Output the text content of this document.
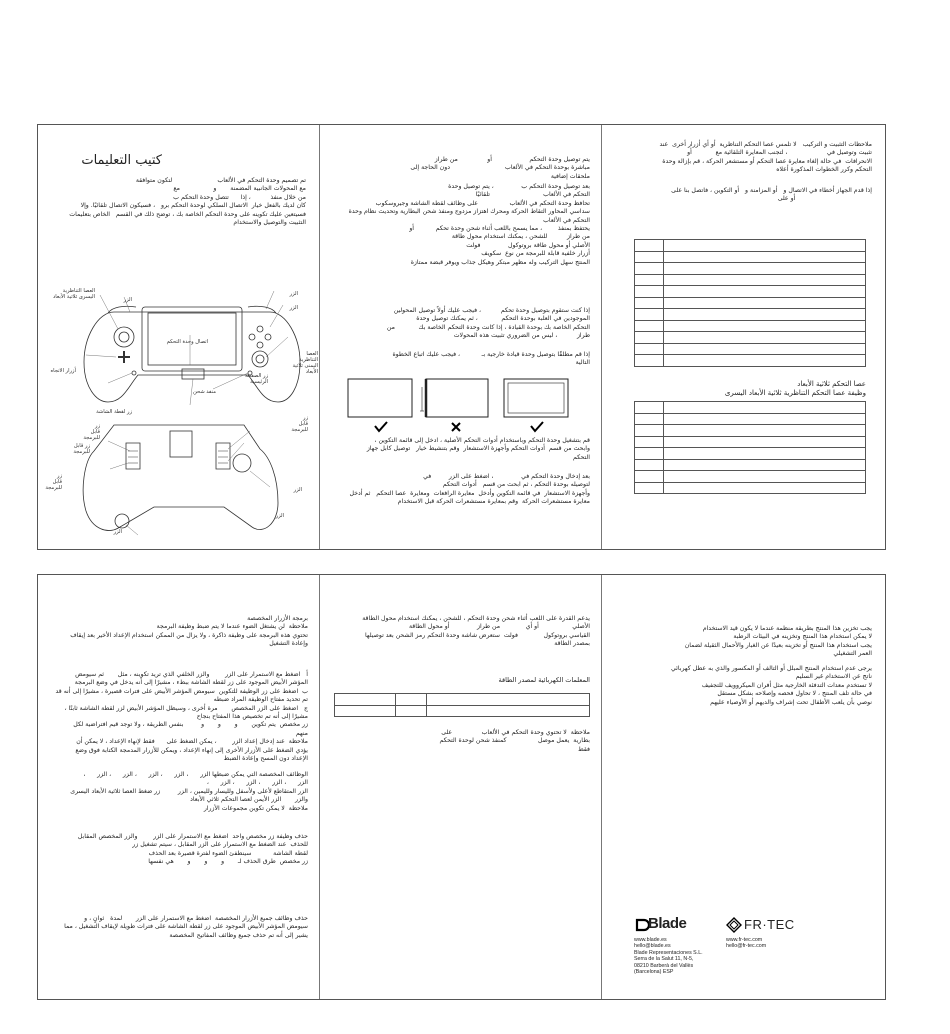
كتيب التعليمات
تم تصميم وحدة التحكم في الألعاب                       لتكون متوافقة
مع المحولات الجانبية المضمنة       و                 مع
من خلال منفذ          ، إذا      تتصل وحدة التحكم ب
كان لديك بالفعل خيار  الاتصال السلكي لوحدة التحكم برو   ، فسيكون الاتصال تلقائيًا. وإلا
فسيتعين عليك تكوينه على وحدة التحكم الخاصة بك ، توضح ذلك في القسم   الخاص بتعليمات
التثبيت والتوصيل والاستخدام
العصا التناظرية
اليسرى ثلاثية الأبعاد	الزر
الزر
الزر
أزرار الاتجاه
زر لقطة الشاشة
اتصال وحدة التحكم
منفذ شحن
زر الصفحة
الرئيسية
العصا التناظرية
اليمنى ثلاثية
الأبعاد
زر
قابل
للبرمجة
زر قابل
للبرمجة
زر
قابل
للبرمجة
زر
قابل
للبرمجة
الزر
الزر
الزر
يتم توصيل وحدة التحكم                   أو               من طراز
مباشرة بوحدة التحكم في الألعاب                            دون الحاجة إلى
ملحقات إضافية
بعد توصيل وحدة التحكم ب              ، يتم توصيل وحدة
التحكم في الألعاب                           تلقائيًا
تحافظ وحدة التحكم في الألعاب                على وظائف لقطة الشاشة وجيروسكوب
سداسي المحاور التقاط الحركة ومحرك اهتزاز مزدوج ومنفذ شحن البطارية وتحديث نظام وحدة
التحكم في الألعاب
يحتفظ بمنفذ        ، مما يسمح باللعب أثناء شحن وحدة تحكم           أو
من طراز          للشحن ، يمكنك استخدام محول طاقة
الأصلي أو محول طاقة بروتوكول              فولت
أزرار خلفية قابلة للبرمجة من نوع  سكويف
المنتج سهل التركيب وله مظهر مبتكر وهيكل جذاب ويوفر قبضة ممتازة
إذا كنت ستقوم بتوصيل وحدة تحكم          ، فيجب عليك أولاً توصيل المحولين
الموجودين في العلبة بوحدة التحكم            ، ثم يمكنك توصيل وحدة
التحكم الخاصة بك بوحدة القيادة ، إذا كانت وحدة التحكم الخاصة بك            من
طراز          ، ليس من الضروري تثبيت هذه المحولات
إذا قم مطلقًا بتوصيل وحدة قيادة خارجية بـ           ، فيجب عليك اتباع الخطوة
التالية
قم بتشغيل وحدة التحكم وباستخدام أدوات التحكم الأصلية ، ادخل إلى قائمة التكوين ،
وابحث من قسم  أدوات التحكم وأجهزة الاستشعار  وقم بتنشيط خيار   توصيل كابل جهاز
التحكم
بعد إدخال وحدة التحكم في              ، اضغط على الزر         في
لتوصيله بوحدة التحكم ، ثم ابحث من قسم   أدوات التحكم
وأجهزة الاستشعار  في قائمة التكوين وأدخل  معايرة الرافعات  ومعايرة  عصا التحكم   ثم أدخل
معايرة مستشعرات الحركة  وقم بمعايرة مستشعرات الحركة قبل الاستخدام
ملاحظات التثبيت و التركيب   لا تلمس عصا التحكم التناظرية  أو أي أزرار أخرى  عند
تثبيت وتوصيل في                    ، لتجنب المعايرة التلقائية مع            أو
الانحرافات  في حالة إلغاء معايرة عصا التحكم أو مستشعر الحركة ، قم بإزالة وحدة
التحكم وكرر الخطوات المذكورة أعلاه
إذا قدم الجهاز أخطاء في الاتصال و   أو المزامنة و   أو التكوين ، فاتصل بنا على
أو على

عصا التحكم ثلاثية الأبعاد
وظيفة عصا التحكم التناظرية ثلاثية الأبعاد اليسرى

برمجة الأزرار المخصصة
ملاحظة  لن يشتغل الضوء عندما لا يتم ضبط وظيفة البرمجة
تحتوي هذه البرمجة على وظيفة ذاكرة ، ولا يزال من الممكن استخدام الإعداد الأخير بعد إيقاف
وإعادة التشغيل
أ   اضغط مع الاستمرار على الزر        والزر الخلفي الذي تريد تكوينه ، مثل       ثم سيومض
المؤشر الأبيض الموجود على زر لقطة الشاشة ببطء ، مشيرًا إلى أنه يدخل في وضع البرمجة
ب  اضغط على زر الوظيفة للتكوين  سيومض المؤشر الأبيض على فترات قصيرة ، مشيرًا إلى أنه قد
تم تحديد مفتاح الوظيفة المراد ضبطه
ج   اضغط على الزر المخصص       مرة أخرى ، وسيظل المؤشر الأبيض لزر لقطة الشاشة ثابتًا ،
مشيرًا إلى أنه تم تخصيص هذا المفتاح بنجاح
زر مخصص  يتم تكوين       و       و       و         بنفس الطريقة ، ولا توجد قيم افتراضية لكل
منهم
ملاحظة  عند إدخال إعداد الزر        ، يمكن الضغط على      فقط لإنهاء الإعداد ، لا يمكن أن
يؤدي الضغط على الأزرار الأخرى إلى إنهاء الإعداد ، ويمكن للأزرار المدمجة الكتابة فوق وضع
الإعداد دون المسح وإعادة الضبط
الوظائف المخصصة التي يمكن ضبطها الزر      ، الزر      ، الزر      ، الزر      ، الزر      ،
الزر      ، الزر      ، الزر      ، الزر      ،
الزر المتقاطع لأعلى ولأسفل ولليسار ولليمين ، الزر         زر ضغط العصا ثلاثية الأبعاد اليسرى
والزر       الزر الأيمن لعصا التحكم ثلاثي الأبعاد
ملاحظة  لا يمكن تكوين مجموعات الأزرار
حذف وظيفة زر مخصص واحد  اضغط مع الاستمرار على الزر        والزر المخصص المقابل
للحذف  عند الضغط مع الاستمرار على الزر المقابل ، سيتم تشغيل زر
لقطة الشاشة           سينطفئ الضوء لفترة قصيرة بعد الحذف
زر مخصص  طرق الحذف لـ       و       و       و       هي نفسها
حذف وظائف جميع الأزرار المخصصة  اضغط مع الاستمرار على الزر       لمدة   ثوانٍ ، و
سيومض المؤشر الأبيض الموجود على زر لقطة الشاشة على فترات طويلة لإيقاف التشغيل ، مما
يشير إلى أنه تم حذف جميع وظائف المفاتيح المخصصة
يدعم القدرة على اللعب أثناء شحن وحدة التحكم ، للشحن ، يمكنك استخدام محول الطاقة
الأصلي                 أو أي             من طراز              أو محول الطاقة
القياسي بروتوكول             فولت  ستعرض شاشة وحدة التحكم رمز الشحن بعد توصيلها
بمصدر الطاقة
المعلمات الكهربائية لمصدر الطاقة

ملاحظة  لا تحتوي وحدة التحكم في الألعاب               على
بطارية  يعمل موصل                كمنفذ شحن لوحدة التحكم
فقط
يجب تخزين هذا المنتج بطريقة منظمة عندما لا يكون قيد الاستخدام
لا يمكن استخدام هذا المنتج وتخزينه في البيئات الرطبة
يجب استخدام هذا المنتج أو تخزينه بعيدًا عن الغبار والأحمال الثقيلة لضمان
العمر التشغيلي
يرجى عدم استخدام المنتج المبلل أو التالف أو المكسور والذي به عطل كهربائي
ناتج عن الاستخدام غير السليم
لا تستخدم معدات التدفئة الخارجية مثل أفران الميكروويف للتجفيف
في حالة تلف المنتج ، لا تحاول فحصه وإصلاحه بشكل مستقل
نوصي بأن يلعب الأطفال تحت إشراف والديهم أو الأوصياء عليهم
Blade	FR·TEC
www.blade.es
hello@blade.es
Blade Representaciones S.L.
Serra de la Salut 11, N-5,
08210 Barberà del Vallès
(Barcelona) ESP
www.fr-tec.com
hello@fr-tec.com
